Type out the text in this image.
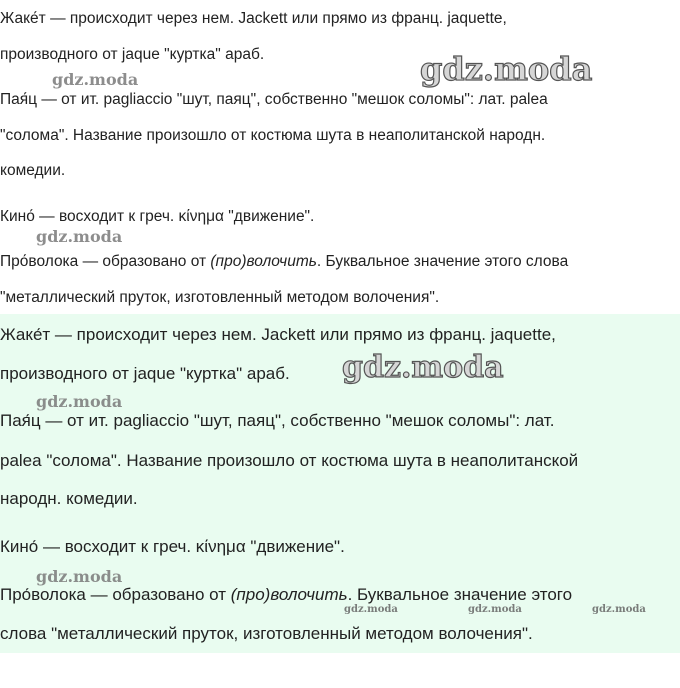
Жаке́т — происходит через нем. Jackett или прямо из франц. jaquette,

производного от jaque "куртка" араб.

Пая́ц — от ит. pagliaccio "шут, паяц", собственно "мешок соломы": лат. palea

"солома". Название произошло от костюма шута в неаполитанской народн.

комедии.

Кино́ — восходит к греч. κίνημα "движение".

Про́волока — образовано от (про)волочить. Буквальное значение этого слова

"металлический пруток, изготовленный методом волочения".

gdz.moda	gdz.moda
gdz.moda

Жаке́т — происходит через нем. Jackett или прямо из франц. jaquette,

производного от jaque "куртка" араб.

Пая́ц — от ит. pagliaccio "шут, паяц", собственно "мешок соломы": лат.

palea "солома". Название произошло от костюма шута в неаполитанской

народн. комедии.

Кино́ — восходит к греч. κίνημα "движение".

Про́волока — образовано от (про)волочить. Буквальное значение этого

слова "металлический пруток, изготовленный методом волочения".

gdz.moda
gdz.moda
gdz.moda
gdz.moda	gdz.moda	gdz.moda
